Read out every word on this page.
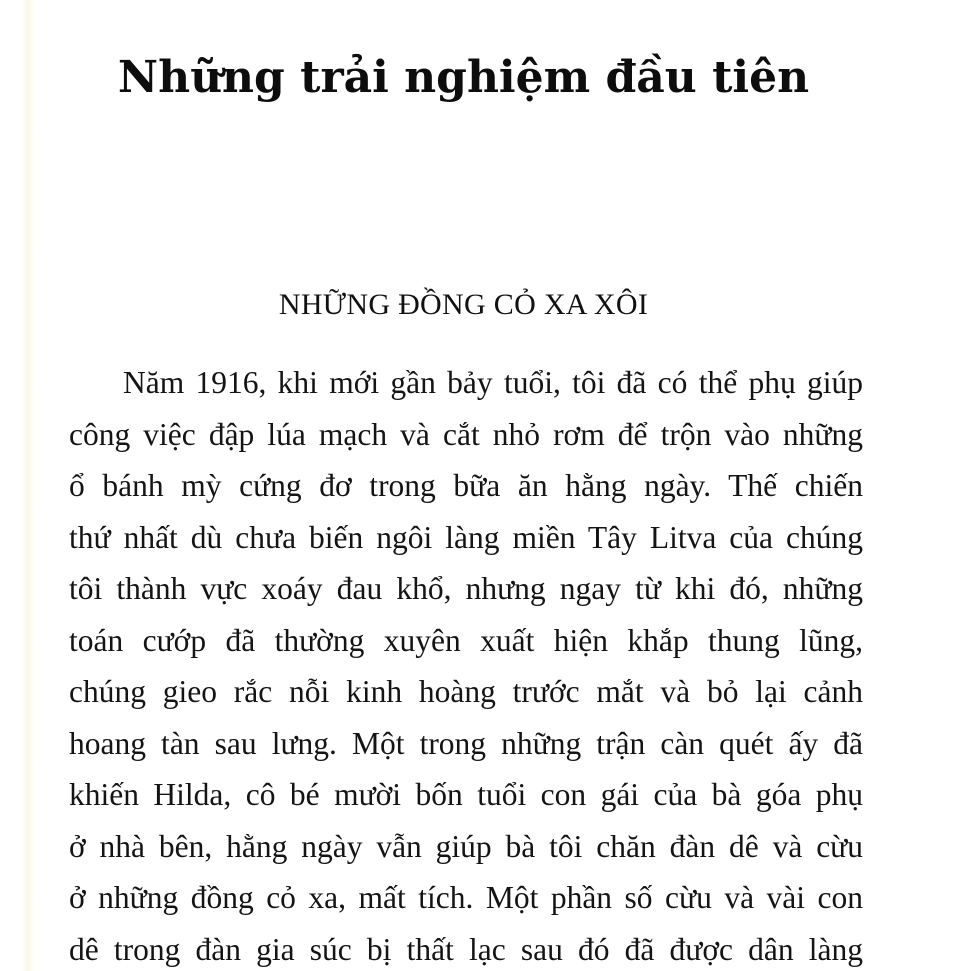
Những trải nghiệm đầu tiên
NHỮNG ĐỒNG CỎ XA XÔI
Năm 1916, khi mới gần bảy tuổi, tôi đã có thể phụ giúp
công việc đập lúa mạch và cắt nhỏ rơm để trộn vào những
ổ bánh mỳ cứng đơ trong bữa ăn hằng ngày. Thế chiến
thứ nhất dù chưa biến ngôi làng miền Tây Litva của chúng
tôi thành vực xoáy đau khổ, nhưng ngay từ khi đó, những
toán cướp đã thường xuyên xuất hiện khắp thung lũng,
chúng gieo rắc nỗi kinh hoàng trước mắt và bỏ lại cảnh
hoang tàn sau lưng. Một trong những trận càn quét ấy đã
khiến Hilda, cô bé mười bốn tuổi con gái của bà góa phụ
ở nhà bên, hằng ngày vẫn giúp bà tôi chăn đàn dê và cừu
ở những đồng cỏ xa, mất tích. Một phần số cừu và vài con
dê trong đàn gia súc bị thất lạc sau đó đã được dân làng
